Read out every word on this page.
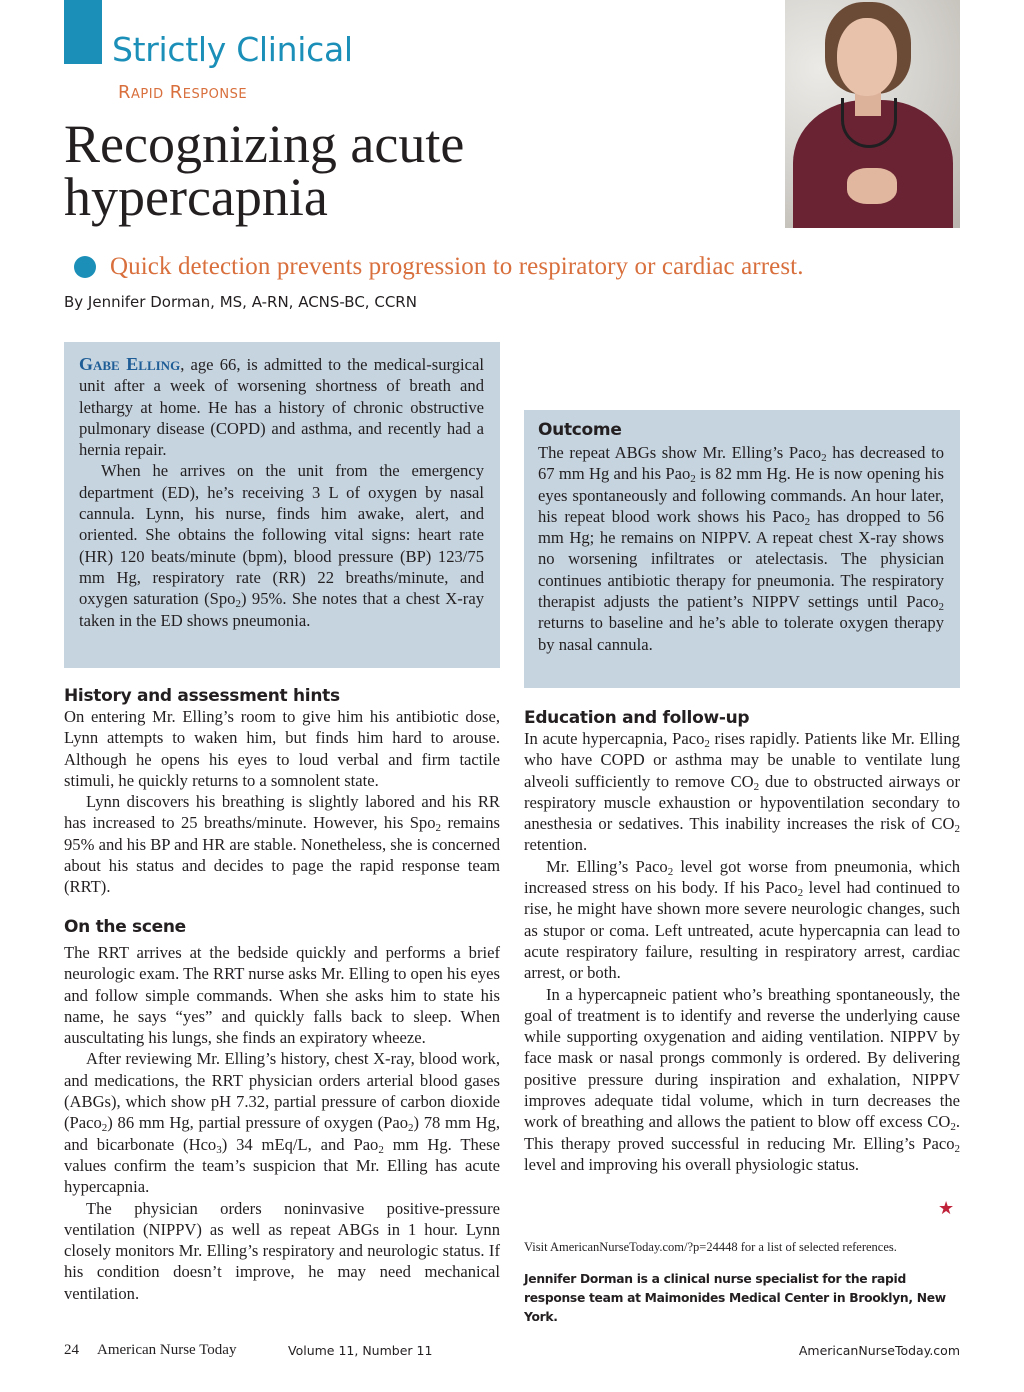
Strictly Clinical
Rapid Response
Recognizing acute
hypercapnia
Quick detection prevents progression to respiratory or cardiac arrest.
By Jennifer Dorman, MS, A-RN, ACNS-BC, CCRN

Gabe Elling, age 66, is admitted to the medical-surgical unit after a week of worsening shortness of breath and lethargy at home. He has a history of chronic obstructive pulmonary disease (COPD) and asthma, and recently had a hernia repair.

When he arrives on the unit from the emergency department (ED), he’s receiving 3 L of oxygen by nasal cannula. Lynn, his nurse, finds him awake, alert, and oriented. She obtains the following vital signs: heart rate (HR) 120 beats/minute (bpm), blood pressure (BP) 123/75 mm Hg, respiratory rate (RR) 22 breaths/minute, and oxygen saturation (Spo$_2$) 95%. She notes that a chest X-ray taken in the ED shows pneumonia.

History and assessment hints

On entering Mr. Elling’s room to give him his antibiotic dose, Lynn attempts to waken him, but finds him hard to arouse. Although he opens his eyes to loud verbal and firm tactile stimuli, he quickly returns to a somnolent state.

Lynn discovers his breathing is slightly labored and his RR has increased to 25 breaths/minute. However, his Spo$_2$ remains 95% and his BP and HR are stable. Nonetheless, she is concerned about his status and decides to page the rapid response team (RRT).

On the scene

The RRT arrives at the bedside quickly and performs a brief neurologic exam. The RRT nurse asks Mr. Elling to open his eyes and follow simple commands. When she asks him to state his name, he says “yes” and quickly falls back to sleep. When auscultating his lungs, she finds an expiratory wheeze.

After reviewing Mr. Elling’s history, chest X-ray, blood work, and medications, the RRT physician orders arterial blood gases (ABGs), which show pH 7.32, partial pressure of carbon dioxide (Paco$_2$) 86 mm Hg, partial pressure of oxygen (Pao$_2$) 78 mm Hg, and bicarbonate (Hco$_3$) 34 mEq/L, and Pao$_2$ mm Hg. These values confirm the team’s suspicion that Mr. Elling has acute hypercapnia.

The physician orders noninvasive positive-pressure ventilation (NIPPV) as well as repeat ABGs in 1 hour. Lynn closely monitors Mr. Elling’s respiratory and neurologic status. If his condition doesn’t improve, he may need mechanical ventilation.

Outcome

The repeat ABGs show Mr. Elling’s Paco$_2$ has decreased to 67 mm Hg and his Pao$_2$ is 82 mm Hg. He is now opening his eyes spontaneously and following commands. An hour later, his repeat blood work shows his Paco$_2$ has dropped to 56 mm Hg; he remains on NIPPV. A repeat chest X-ray shows no worsening infiltrates or atelectasis. The physician continues antibiotic therapy for pneumonia. The respiratory therapist adjusts the patient’s NIPPV settings until Paco$_2$ returns to baseline and he’s able to tolerate oxygen therapy by nasal cannula.

Education and follow-up

In acute hypercapnia, Paco$_2$ rises rapidly. Patients like Mr. Elling who have COPD or asthma may be unable to ventilate lung alveoli sufficiently to remove $CO_2$ due to obstructed airways or respiratory muscle exhaustion or hypoventilation secondary to anesthesia or sedatives. This inability increases the risk of $CO_2$ retention.

Mr. Elling’s Paco$_2$ level got worse from pneumonia, which increased stress on his body. If his Paco$_2$ level had continued to rise, he might have shown more severe neurologic changes, such as stupor or coma. Left untreated, acute hypercapnia can lead to acute respiratory failure, resulting in respiratory arrest, cardiac arrest, or both.

In a hypercapneic patient who’s breathing spontaneously, the goal of treatment is to identify and reverse the underlying cause while supporting oxygenation and aiding ventilation. NIPPV by face mask or nasal prongs commonly is ordered. By delivering positive pressure during inspiration and exhalation, NIPPV improves adequate tidal volume, which in turn decreases the work of breathing and allows the patient to blow off excess $CO_2$. This therapy proved successful in reducing Mr. Elling’s Paco$_2$ level and improving his overall physiologic status.

★
Visit AmericanNurseToday.com/?p=24448 for a list of selected references.
Jennifer Dorman is a clinical nurse specialist for the rapid response team at Maimonides Medical Center in Brooklyn, New York.
24 American Nurse Today	Volume 11, Number 11	AmericanNurseToday.com
